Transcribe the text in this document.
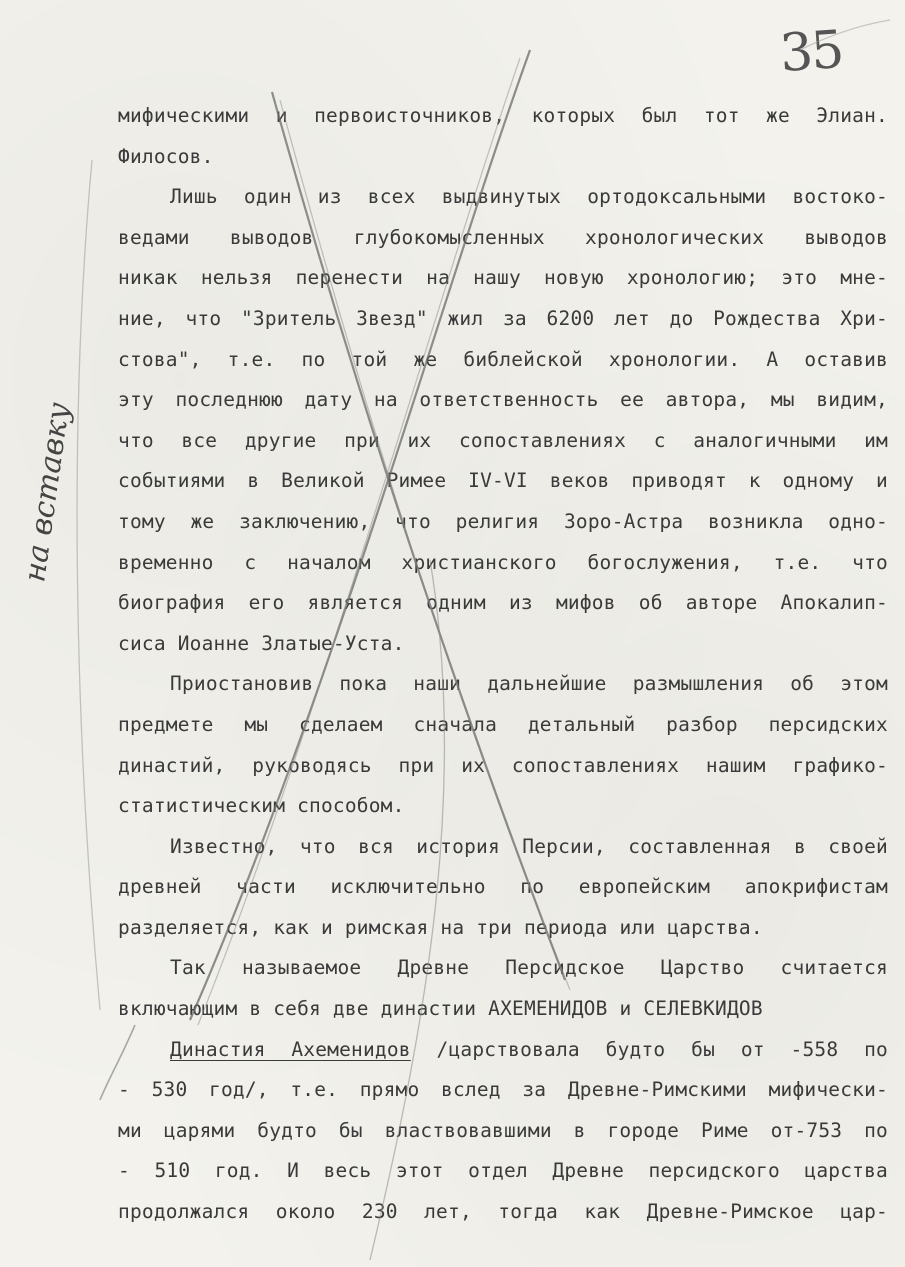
35
на вставку
мифическими и первоисточников, которых был тот же Элиан.
Филосов.
Лишь один из всех выдвинутых ортодоксальными востоко-
ведами выводов глубокомысленных хронологических выводов
никак нельзя перенести на нашу новую хронологию; это мне-
ние, что "Зритель Звезд" жил за 6200 лет до Рождества Хри-
стова", т.е. по той же библейской хронологии. А оставив
эту последнюю дату на ответственность ее автора, мы видим,
что все другие при их сопоставлениях с аналогичными им
событиями в Великой Римее IV-VI веков приводят к одному и
тому же заключению, что религия Зоро-Астра возникла одно-
временно с началом христианского богослужения, т.е. что
биография его является одним из мифов об авторе Апокалип-
сиса Иоанне Златые-Уста.
Приостановив пока наши дальнейшие размышления об этом
предмете мы сделаем сначала детальный разбор персидских
династий, руководясь при их сопоставлениях нашим графико-
статистическим способом.
Известно, что вся история Персии, составленная в своей
древней части исключительно по европейским апокрифистам
разделяется, как и римская на три периода или царства.
Так называемое Древне Персидское Царство считается
включающим в себя две династии АХЕМЕНИДОВ и СЕЛЕВКИДОВ
Династия Ахеменидов /царствовала будто бы от -558 по
- 530 год/, т.е. прямо вслед за Древне-Римскими мифически-
ми царями будто бы властвовавшими в городе Риме от-753 по
- 510 год. И весь этот отдел Древне персидского царства
продолжался около 230 лет, тогда как Древне-Римское цар-
